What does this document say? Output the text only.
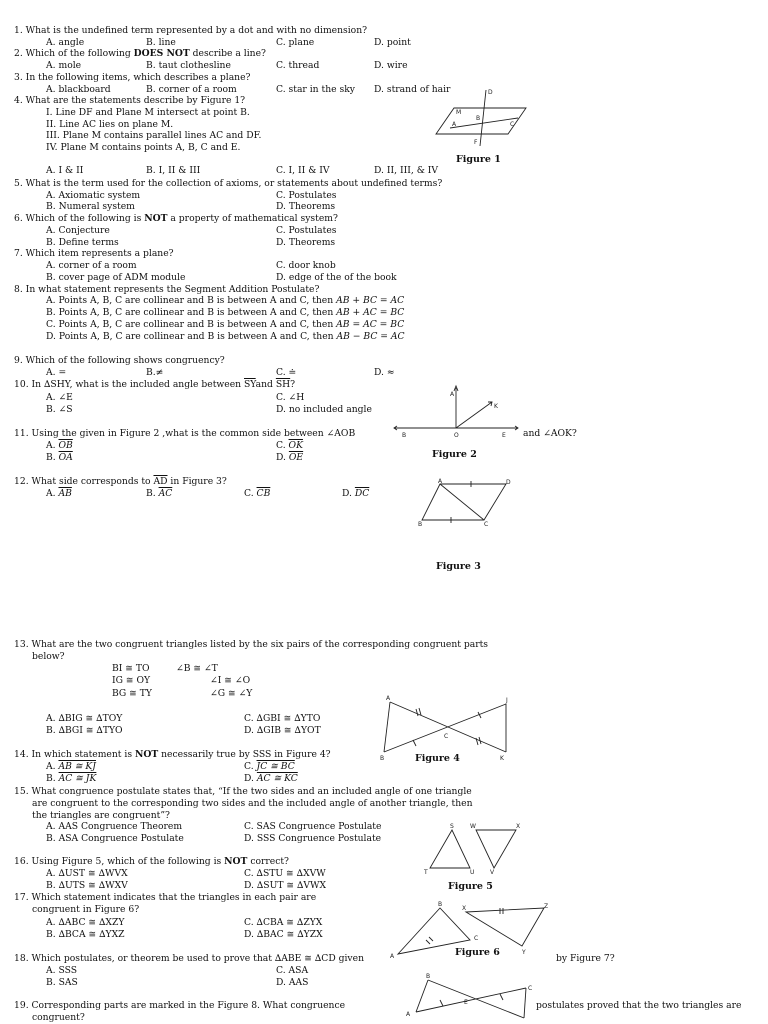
1. What is the undefined term represented by a dot and with no dimension?
A. angle	B. line	C. plane	D. point
2. Which of the following DOES NOT describe a line?
A. mole	B. taut clothesline	C. thread	D. wire
3. In the following items, which describes a plane?
A. blackboard	B. corner of a room	C. star in the sky D. strand of hair
4. What are the statements describe by Figure 1?
I. Line DF and Plane M intersect at point B.
II. Line AC lies on plane M.
III. Plane M contains parallel lines AC and DF.
IV. Plane M contains points A, B, C and E.
A. I & II	B. I, II & III	C. I, II & IV	D. II, III, & IV
M
D
A
B
C
F
Figure 1
5. What is the term used for the collection of axioms, or statements about undefined terms?
A. Axiomatic system	C. Postulates
B. Numeral system	D. Theorems
6. Which of the following is NOT a property of mathematical system?
A. Conjecture	C. Postulates
B. Define terms	D. Theorems
7. Which item represents a plane?
A. corner of a room	C. door knob
B. cover page of ADM module	D. edge of the of the book
8. In what statement represents the Segment Addition Postulate?
A. Points A, B, C are collinear and B is between A and C, then AB + BC = AC
B. Points A, B, C are collinear and B is between A and C, then AB + AC = BC
C. Points A, B, C are collinear and B is between A and C, then AB = AC = BC
D. Points A, B, C are collinear and B is between A and C, then AB − BC = AC
9. Which of the following shows congruency?
A. =	B.≠	C. ≐	D. ≈
10. In ∆SHY, what is the included angle between $\overline{SY}and$ $\overline{SH}$?
A. ∠E	C. ∠H
B. ∠S	D. no included angle
A
K
B	O	E
Figure 2
11. Using the given in Figure 2 ,what is the common side between ∠AOB	and ∠AOK?
A. $\overline{OB}$	C. $\overline{OK}$
B. $\overline{OA}$	D. $\overline{OE}$
12. What side corresponds to $\overline{AD}$ in Figure 3?
A. $\overline{AB}$	B. $\overline{AC}$	C. $\overline{CB}$	D. $\overline{DC}$
A	D
B	C
Figure 3
13. What are the two congruent triangles listed by the six pairs of the corresponding congruent parts
below?
BI ≅ TO	∠B ≅ ∠T
IG ≅ OY	∠I ≅ ∠O
BG ≅ TY	∠G ≅ ∠Y
A. ∆BIG ≅ ∆TOY	C. ∆GBI ≅ ∆YTO
B. ∆BGI ≅ ∆TYO	D. ∆GIB ≅ ∆YOT
A	J
B
C
K
Figure 4
14. In which statement is NOT necessarily true by SSS in Figure 4?
A. AB ≅ KJ	C. JC ≅ BC
B. AC ≅ JK	D. AC ≅ KC
15. What congruence postulate states that, “If the two sides and an included angle of one triangle
are congruent to the corresponding two sides and the included angle of another triangle, then
the triangles are congruent”?
A. AAS Congruence Theorem	C. SAS Congruence Postulate
B. ASA Congruence Postulate	D. SSS Congruence Postulate
S	W	X
T	U	V
Figure 5
16. Using Figure 5, which of the following is NOT correct?
A. ∆UST ≅ ∆WVX	C. ∆STU ≅ ∆XVW
B. ∆UTS ≅ ∆WXV	D. ∆SUT ≅ ∆VWX
17. Which statement indicates that the triangles in each pair are
congruent in Figure 6?
A. ∆ABC ≅ ∆XZY	C. ∆CBA ≅ ∆ZYX
B. ∆BCA ≅ ∆YXZ	D. ∆BAC ≅ ∆YZX
B
X	Z
C
Y
A	Figure 6
18. Which postulates, or theorem be used to prove that ∆ABE ≅ ∆CD given	by Figure 7?
A. SSS	C. ASA
B. SAS	D. AAS
B
A
E
C
19. Corresponding parts are marked in the Figure 8. What congruence	postulates proved that the two triangles are
congruent?
